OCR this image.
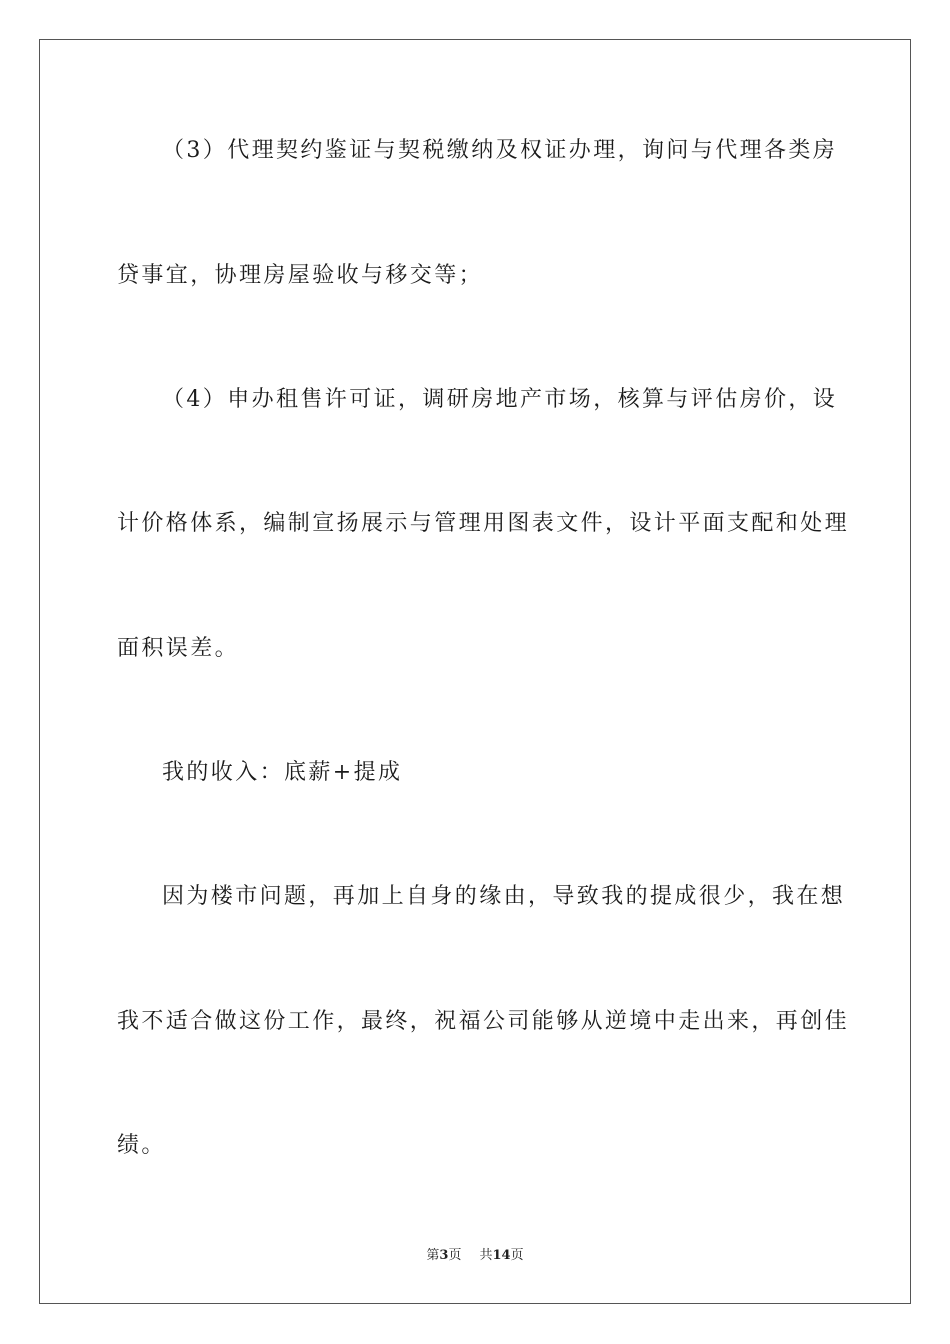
（3）代理契约鉴证与契税缴纳及权证办理，询问与代理各类房
贷事宜，协理房屋验收与移交等；
（4）申办租售许可证，调研房地产市场，核算与评估房价，设
计价格体系，编制宣扬展示与管理用图表文件，设计平面支配和处理
面积误差。
我的收入：底薪+提成
因为楼市问题，再加上自身的缘由，导致我的提成很少，我在想
我不适合做这份工作，最终，祝福公司能够从逆境中走出来，再创佳
绩。
第3页 共14页
